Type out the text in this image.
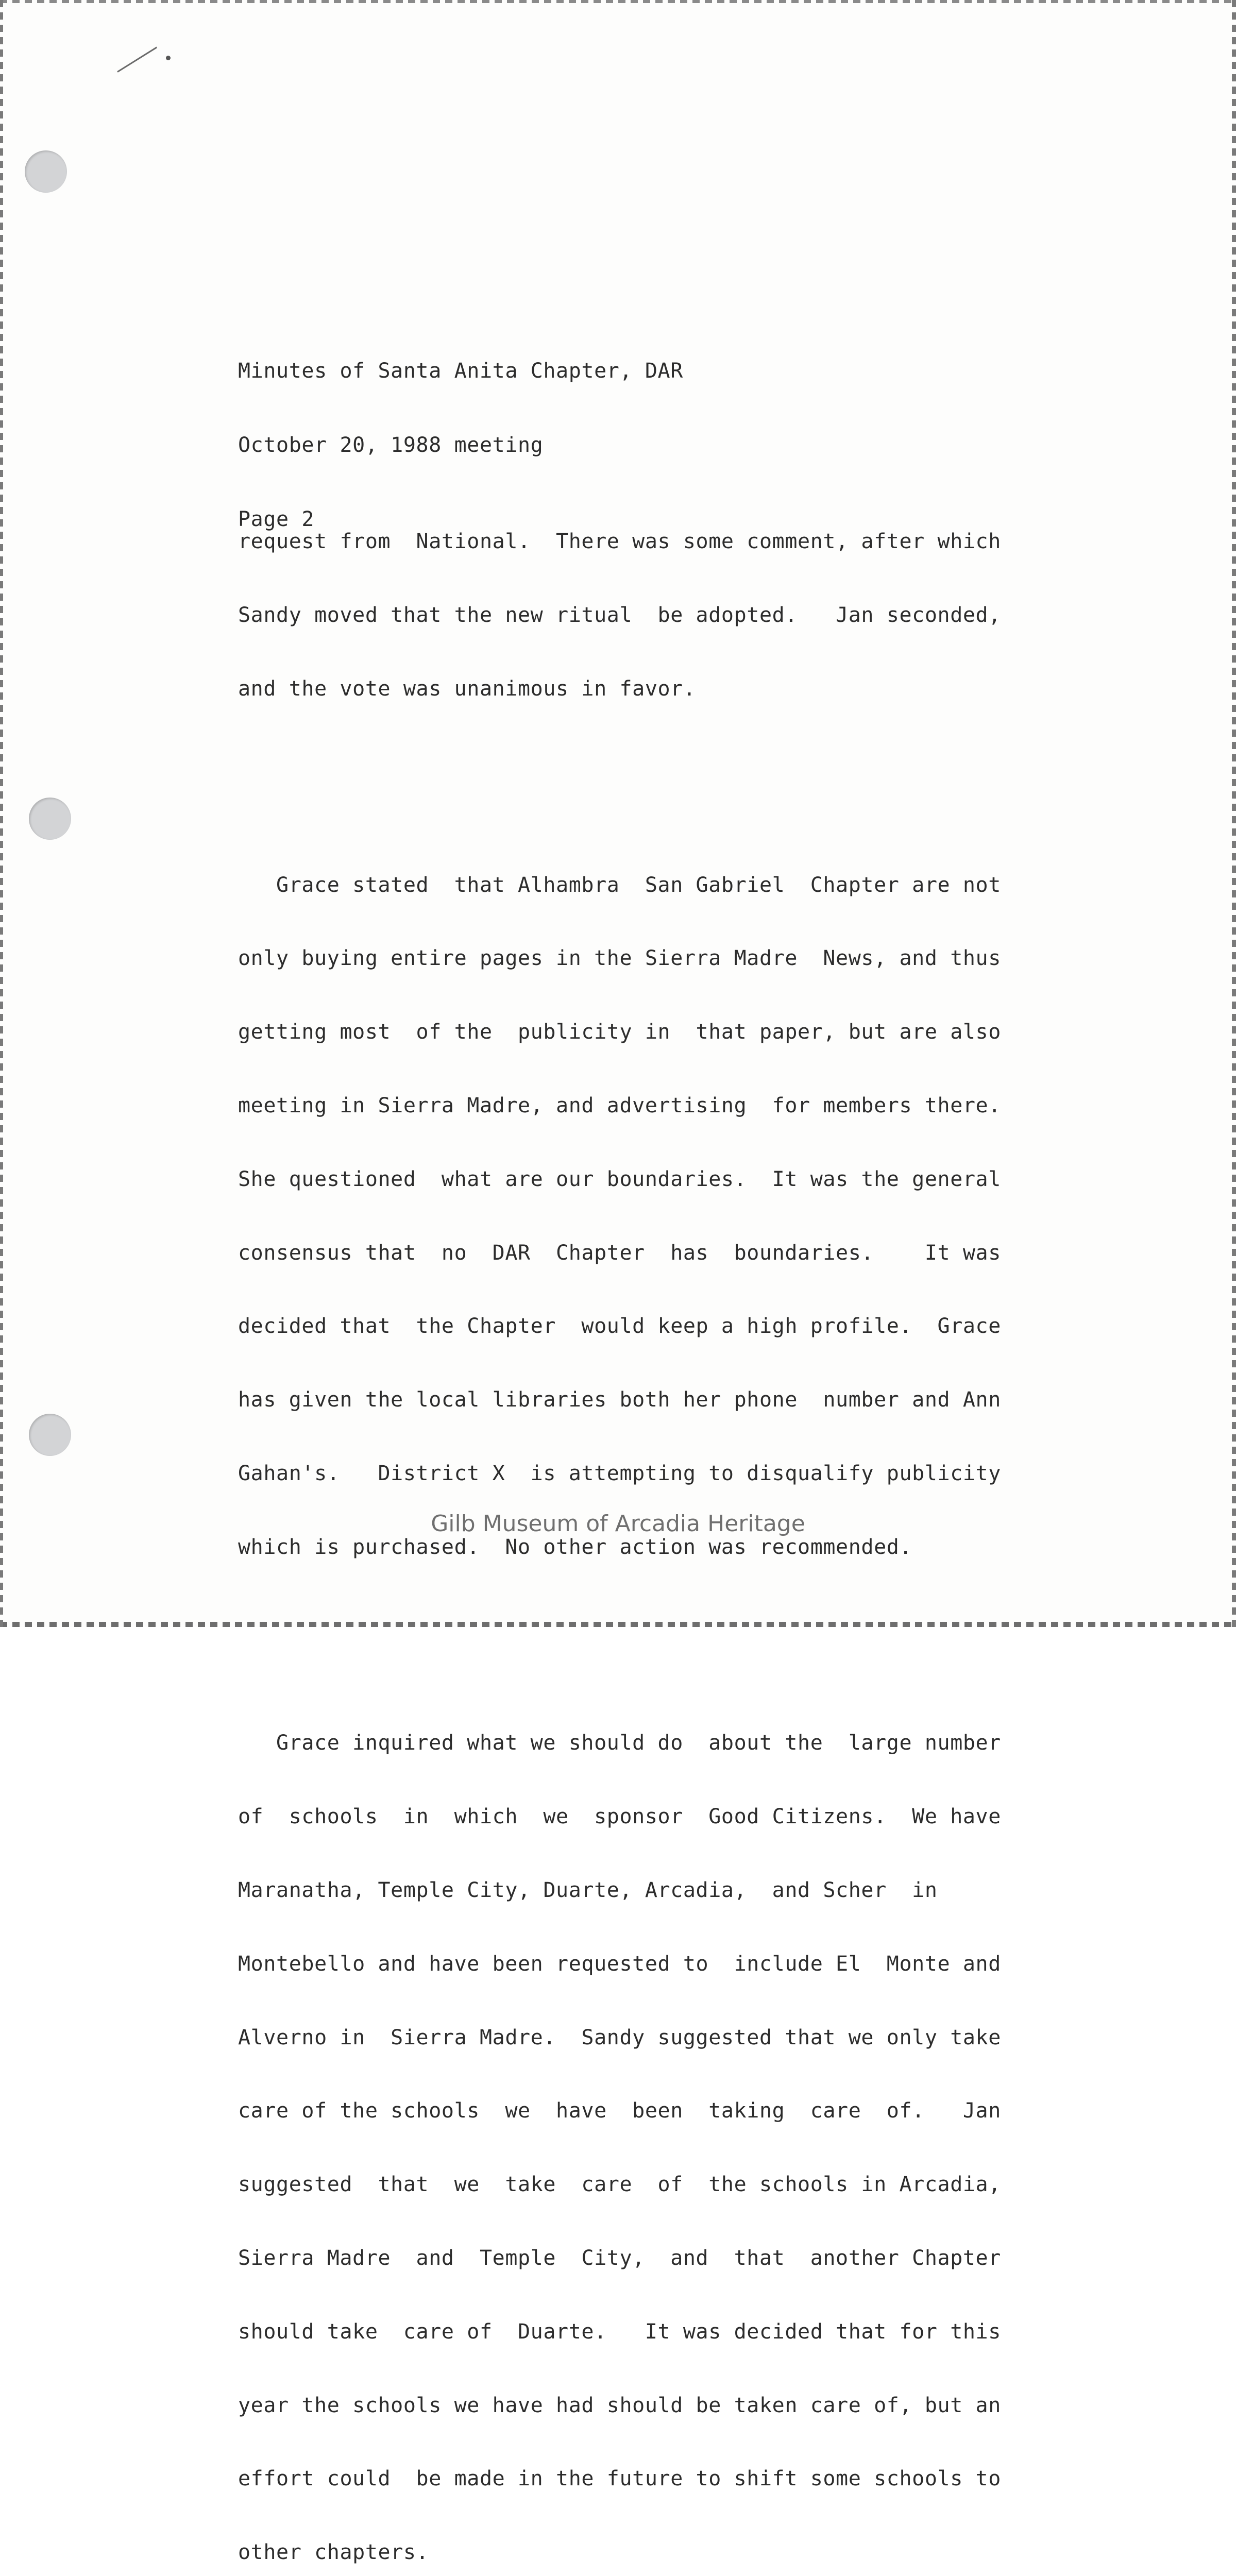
Minutes of Santa Anita Chapter, DAR

October 20, 1988 meeting

Page 2

request from  National.  There was some comment, after which

Sandy moved that the new ritual  be adopted.   Jan seconded,

and the vote was unanimous in favor.

Grace stated  that Alhambra  San Gabriel  Chapter are not

only buying entire pages in the Sierra Madre  News, and thus

getting most  of the  publicity in  that paper, but are also

meeting in Sierra Madre, and advertising  for members there.

She questioned  what are our boundaries.  It was the general

consensus that  no  DAR  Chapter  has  boundaries.    It was

decided that  the Chapter  would keep a high profile.  Grace

has given the local libraries both her phone  number and Ann

Gahan's.   District X  is attempting to disqualify publicity

which is purchased.  No other action was recommended.

Grace inquired what we should do  about the  large number

of  schools  in  which  we  sponsor  Good Citizens.  We have

Maranatha, Temple City, Duarte, Arcadia,  and Scher  in

Montebello and have been requested to  include El  Monte and

Alverno in  Sierra Madre.  Sandy suggested that we only take

care of the schools  we  have  been  taking  care  of.   Jan

suggested  that  we  take  care  of  the schools in Arcadia,

Sierra Madre  and  Temple  City,  and  that  another Chapter

should take  care of  Duarte.   It was decided that for this

year the schools we have had should be taken care of, but an

effort could  be made in the future to shift some schools to

other chapters.

Gilb Museum of Arcadia Heritage
